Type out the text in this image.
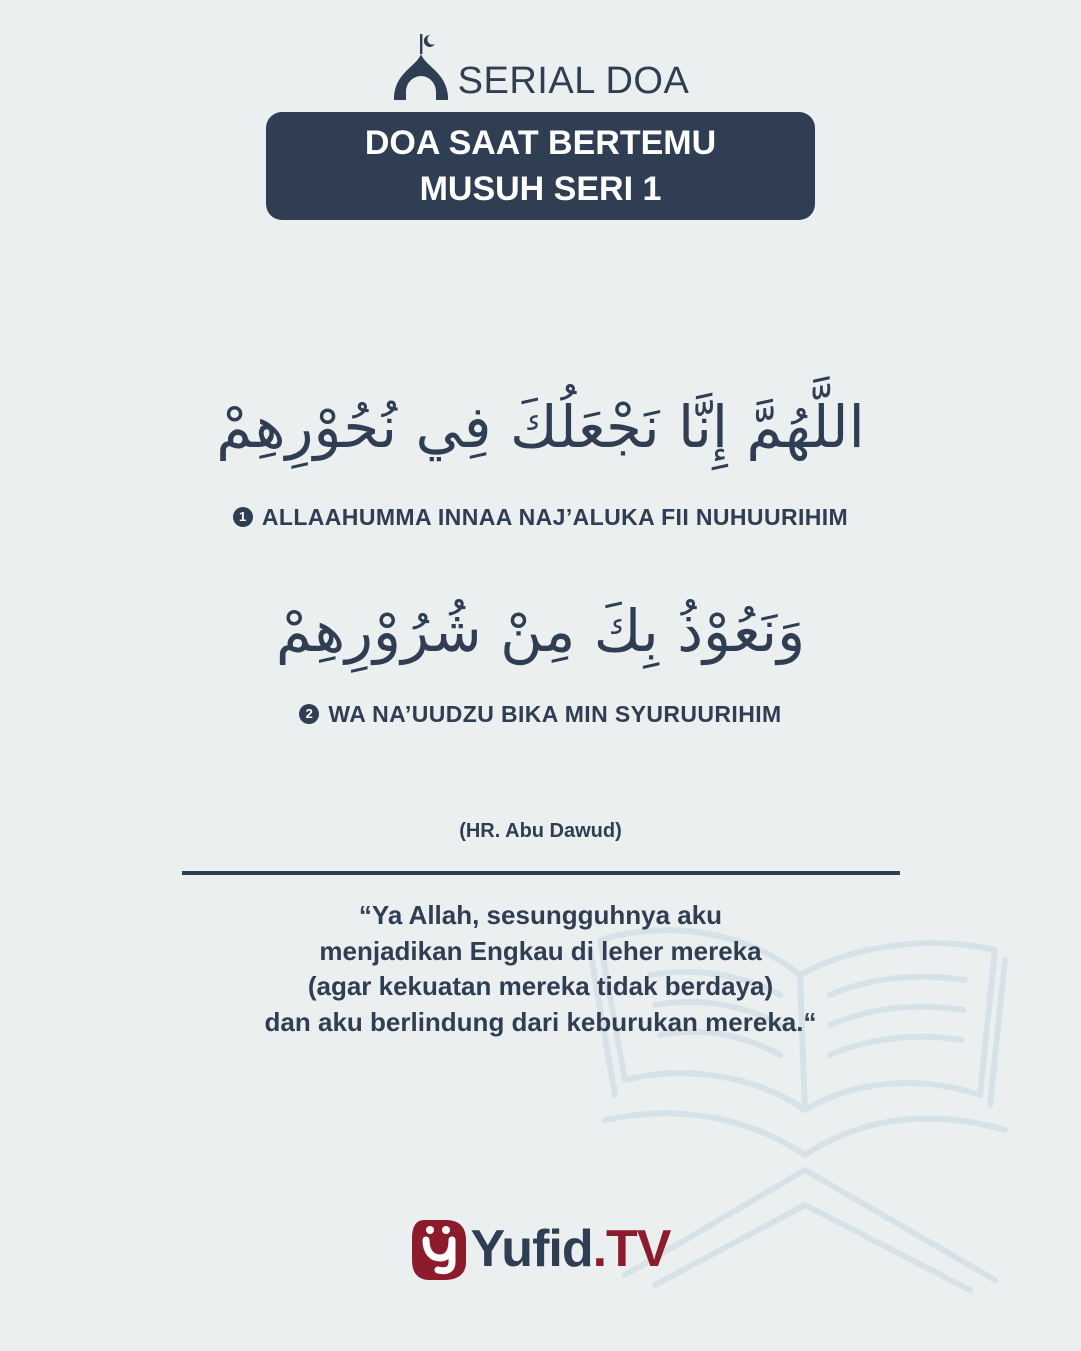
SERIAL DOA
DOA SAAT BERTEMU
MUSUH SERI 1
اللَّهُمَّ إِنَّا نَجْعَلُكَ فِي نُحُوْرِهِمْ
1 ALLAAHUMMA INNAA NAJ’ALUKA FII NUHUURIHIM
وَنَعُوْذُ بِكَ مِنْ شُرُوْرِهِمْ
2 WA NA’UUDZU BIKA MIN SYURUURIHIM
(HR. Abu Dawud)
“Ya Allah, sesungguhnya aku
menjadikan Engkau di leher mereka
(agar kekuatan mereka tidak berdaya)
dan aku berlindung dari keburukan mereka.“
Yufid .TV
